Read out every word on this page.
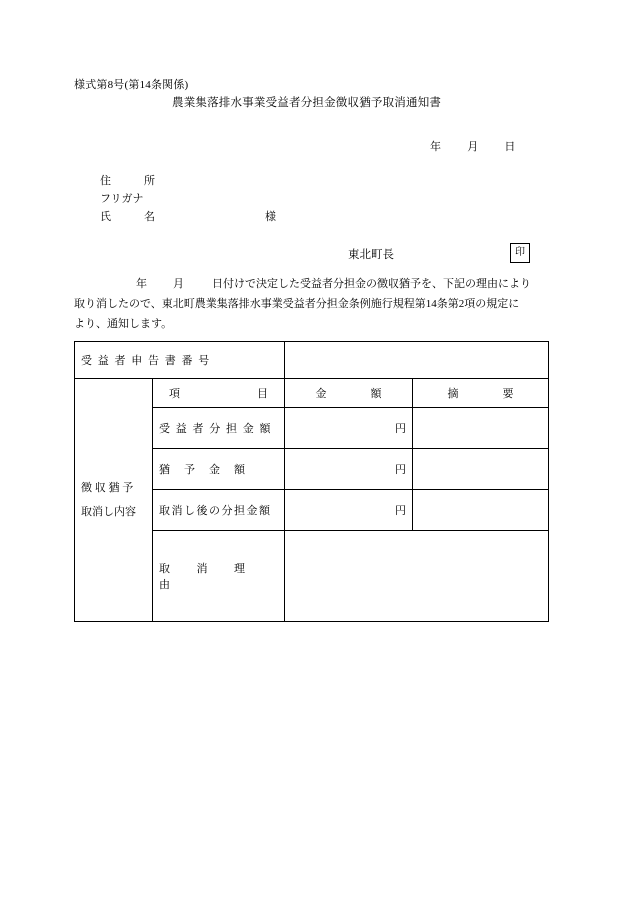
様式第8号(第14条関係)
農業集落排水事業受益者分担金徴収猶予取消通知書
年 月 日
住　　　所
フリガナ
氏　　　名	様
東北町長	印
年 月	日付けで決定した受益者分担金の徴収猶予を、下記の理由により
取り消したので、東北町農業集落排水事業受益者分担金条例施行規程第14条第2項の規定に
より、通知します。
受 益 者 申 告 書 番 号			

徴 収 猶 予
取消し内容	項　　　　　　　目	金　　　　額	摘　　　　要
	受 益 者 分 担 金 額	円	
	猶　予　金　額	円	
	取消し後の分担金額	円	
	取　　消　　理　　由		
